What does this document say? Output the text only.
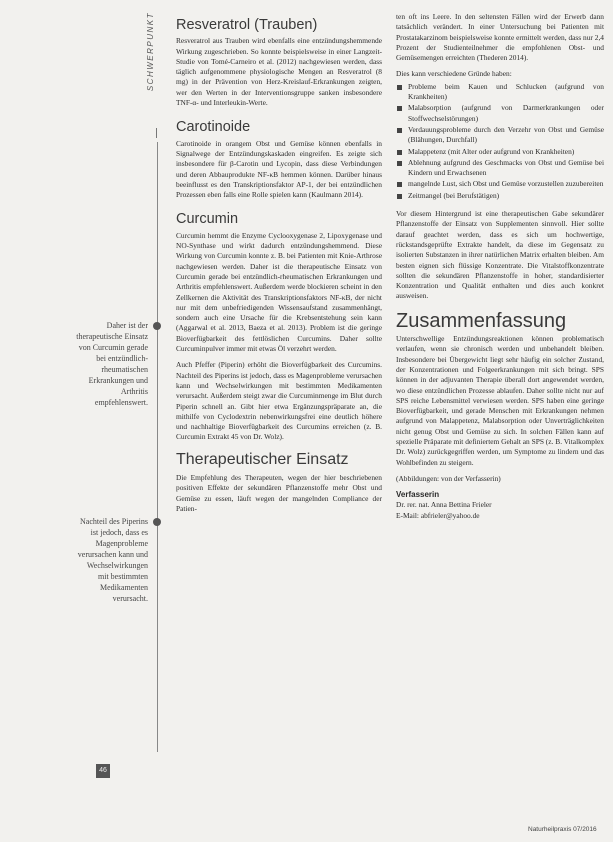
SCHWERPUNKT
Daher ist der therapeutische Einsatz von Curcumin gerade bei entzündlich-rheumatischen Erkrankungen und Arthritis empfehlenswert.
Nachteil des Piperins ist jedoch, dass es Magenprobleme verursachen kann und Wechselwirkungen mit bestimmten Medikamenten verursacht.
Resveratrol (Trauben)

Resveratrol aus Trauben wird ebenfalls eine entzündungshemmende Wirkung zugeschrieben. So konnte beispielsweise in einer Langzeit-Studie von Tomé-Carneiro et al. (2012) nachgewiesen werden, dass täglich aufgenommene physiologische Mengen an Resveratrol (8 mg) in der Prävention von Herz-Kreislauf-Erkrankungen zeigten, wer den Werten in der Interventionsgruppe sanken insbesondere TNF-α- und Interleukin-Werte.

Carotinoide

Carotinoide in orangem Obst und Gemüse können ebenfalls in Signalwege der Entzündungskaskaden eingreifen. Es zeigte sich insbesondere für β-Carotin und Lycopin, dass diese Verbindungen und deren Abbauprodukte NF-κB hemmen können. Darüber hinaus beeinflusst es den Transkriptionsfaktor AP-1, der bei entzündlichen Prozessen eben falls eine Rolle spielen kann (Kaulmann 2014).

Curcumin

Curcumin hemmt die Enzyme Cyclooxygenase 2, Lipoxygenase und NO-Synthase und wirkt dadurch entzündungshemmend. Diese Wirkung von Curcumin konnte z. B. bei Patienten mit Knie-Arthrose nachgewiesen werden. Daher ist die therapeutische Einsatz von Curcumin gerade bei entzündlich-rheumatischen Erkrankungen und Arthritis empfehlenswert. Außerdem werde blockieren scheint in den Zellkernen die Aktivität des Transkriptionsfaktors NF-κB, der nicht nur mit dem unbefriedigenden Wissensaufstand zusammenhängt, sondern auch eine Ursache für die Krebsentstehung sein kann (Aggarwal et al. 2013, Baeza et al. 2013). Problem ist die geringe Bioverfügbarkeit des fettlöslichen Curcumins. Daher sollte Curcuminpulver immer mit etwas Öl verzehrt werden.

Auch Pfeffer (Piperin) erhöht die Bioverfügbarkeit des Curcumins. Nachteil des Piperins ist jedoch, dass es Magenprobleme verursachen kann und Wechselwirkungen mit bestimmten Medikamenten verursacht. Außerdem steigt zwar die Curcuminmenge im Blut durch Piperin schnell an. Gibt hier etwa Ergänzungspräparate an, die mithilfe von Cyclodextrin nebenwirkungsfrei eine deutlich höhere und nachhaltige Bioverfügbarkeit des Curcumins erreichen (z. B. Curcumin Extrakt 45 von Dr. Wolz).

Therapeutischer Einsatz

Die Empfehlung des Therapeuten, wegen der hier beschriebenen positiven Effekte der sekundären Pflanzenstoffe mehr Obst und Gemüse zu essen, läuft wegen der mangelnden Compliance der Patien-

ten oft ins Leere. In den seltensten Fällen wird der Erwerb dann tatsächlich verändert. In einer Untersuchung bei Patienten mit Prostatakarzinom beispielsweise konnte ermittelt werden, dass nur 2,4 Prozent der Studienteilnehmer die empfohlenen Obst- und Gemüsemengen erreichten (Thederen 2014).

Dies kann verschiedene Gründe haben:

Probleme beim Kauen und Schlucken (aufgrund von Krankheiten)
Malabsorption (aufgrund von Darmerkrankungen oder Stoffwechselstörungen)
Verdauungsprobleme durch den Verzehr von Obst und Gemüse (Blähungen, Durchfall)
Malappetenz (mit Alter oder aufgrund von Krankheiten)
Ablehnung aufgrund des Geschmacks von Obst und Gemüse bei Kindern und Erwachsenen
mangelnde Lust, sich Obst und Gemüse vorzustellen zuzubereiten
Zeitmangel (bei Berufstätigen)

Vor diesem Hintergrund ist eine therapeutischen Gabe sekundärer Pflanzenstoffe der Einsatz von Supplementen sinnvoll. Hier sollte darauf geachtet werden, dass es sich um hochwertige, rückstandsgeprüfte Extrakte handelt, da diese im Gegensatz zu isolierten Substanzen in ihrer natürlichen Matrix erhalten bleiben. Am besten eignen sich flüssige Konzentrate. Die Vitalstoffkonzentrate sollten die sekundären Pflanzenstoffe in hoher, standardisierter Konzentration und Qualität enthalten und dies auch konkret ausweisen.

Zusammenfassung

Unterschwellige Entzündungsreaktionen können problematisch verlaufen, wenn sie chronisch werden und unbehandelt bleiben. Insbesondere bei Übergewicht liegt sehr häufig ein solcher Zustand, der Konzentrationen und Folgeerkrankungen mit sich bringt. SPS können in der adjuvanten Therapie überall dort angewendet werden, wo diese entzündlichen Prozesse ablaufen. Daher sollte nicht nur auf SPS reiche Lebensmittel verwiesen werden. SPS haben eine geringe Bioverfügbarkeit, und gerade Menschen mit Erkrankungen nehmen aufgrund von Malappetenz, Malabsorption oder Unverträglichkeiten nicht genug Obst und Gemüse zu sich. In solchen Fällen kann auf spezielle Präparate mit definiertem Gehalt an SPS (z. B. Vitalkomplex Dr. Wolz) zurückgegriffen werden, um Symptome zu lindern und das Wohlbefinden zu steigern.

(Abbildungen: von der Verfasserin)

Verfasserin
Dr. rer. nat. Anna Bettina Frieler
E-Mail: abfrieler@yahoo.de
46
Naturheilpraxis 07/2016
